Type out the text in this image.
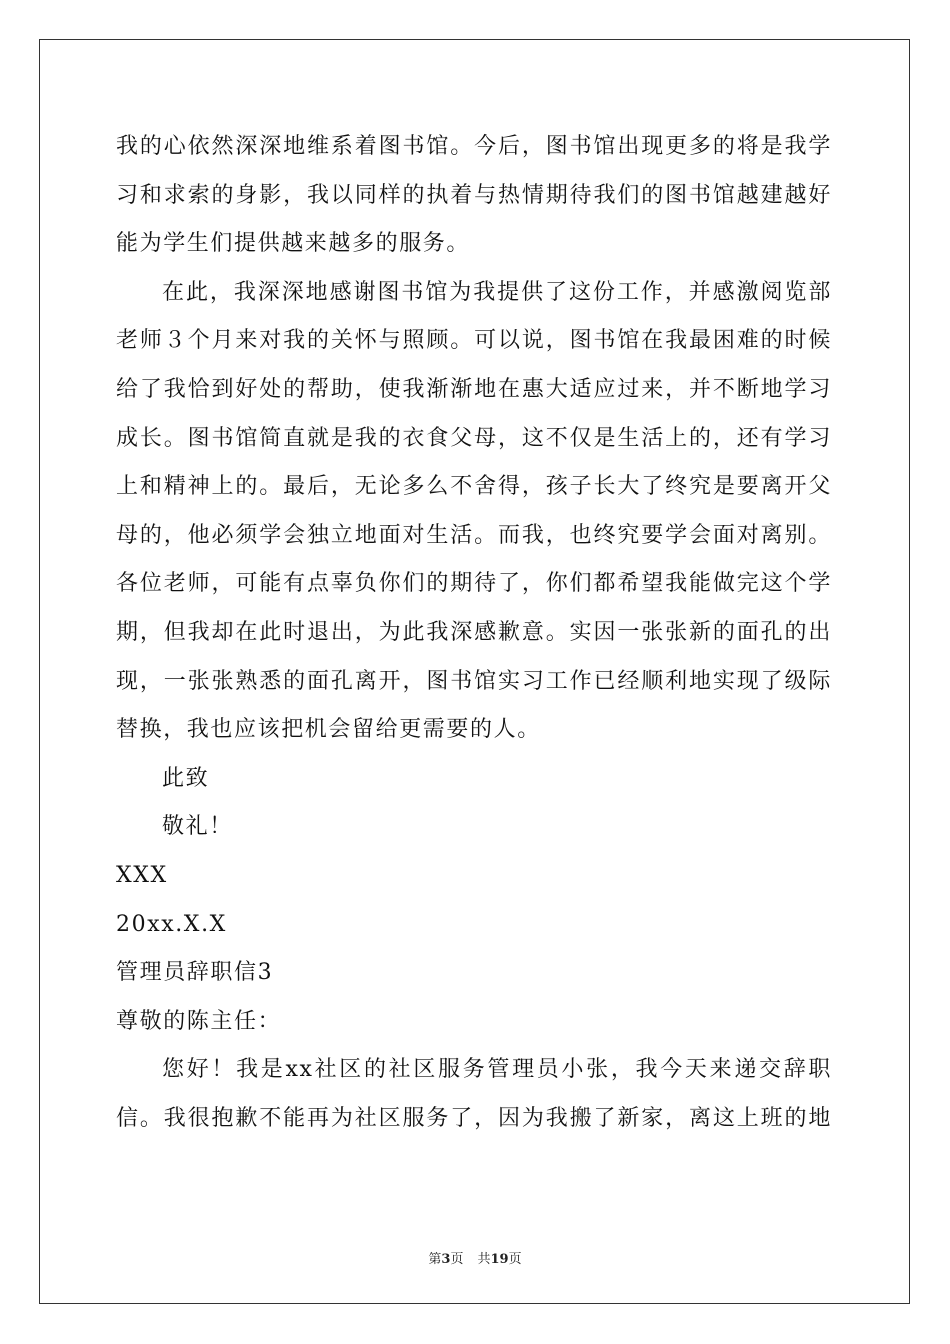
我的心依然深深地维系着图书馆。今后，图书馆出现更多的将是我学
习和求索的身影，我以同样的执着与热情期待我们的图书馆越建越好
能为学生们提供越来越多的服务。
在此，我深深地感谢图书馆为我提供了这份工作，并感激阅览部
老师３个月来对我的关怀与照顾。可以说，图书馆在我最困难的时候
给了我恰到好处的帮助，使我渐渐地在惠大适应过来，并不断地学习
成长。图书馆简直就是我的衣食父母，这不仅是生活上的，还有学习
上和精神上的。最后，无论多么不舍得，孩子长大了终究是要离开父
母的，他必须学会独立地面对生活。而我，也终究要学会面对离别。
各位老师，可能有点辜负你们的期待了，你们都希望我能做完这个学
期，但我却在此时退出，为此我深感歉意。实因一张张新的面孔的出
现，一张张熟悉的面孔离开，图书馆实习工作已经顺利地实现了级际
替换，我也应该把机会留给更需要的人。
此致
敬礼！
XXX
20xx.X.X
管理员辞职信3
尊敬的陈主任：
您好！我是xx社区的社区服务管理员小张，我今天来递交辞职
信。我很抱歉不能再为社区服务了，因为我搬了新家，离这上班的地
第3页 共19页
